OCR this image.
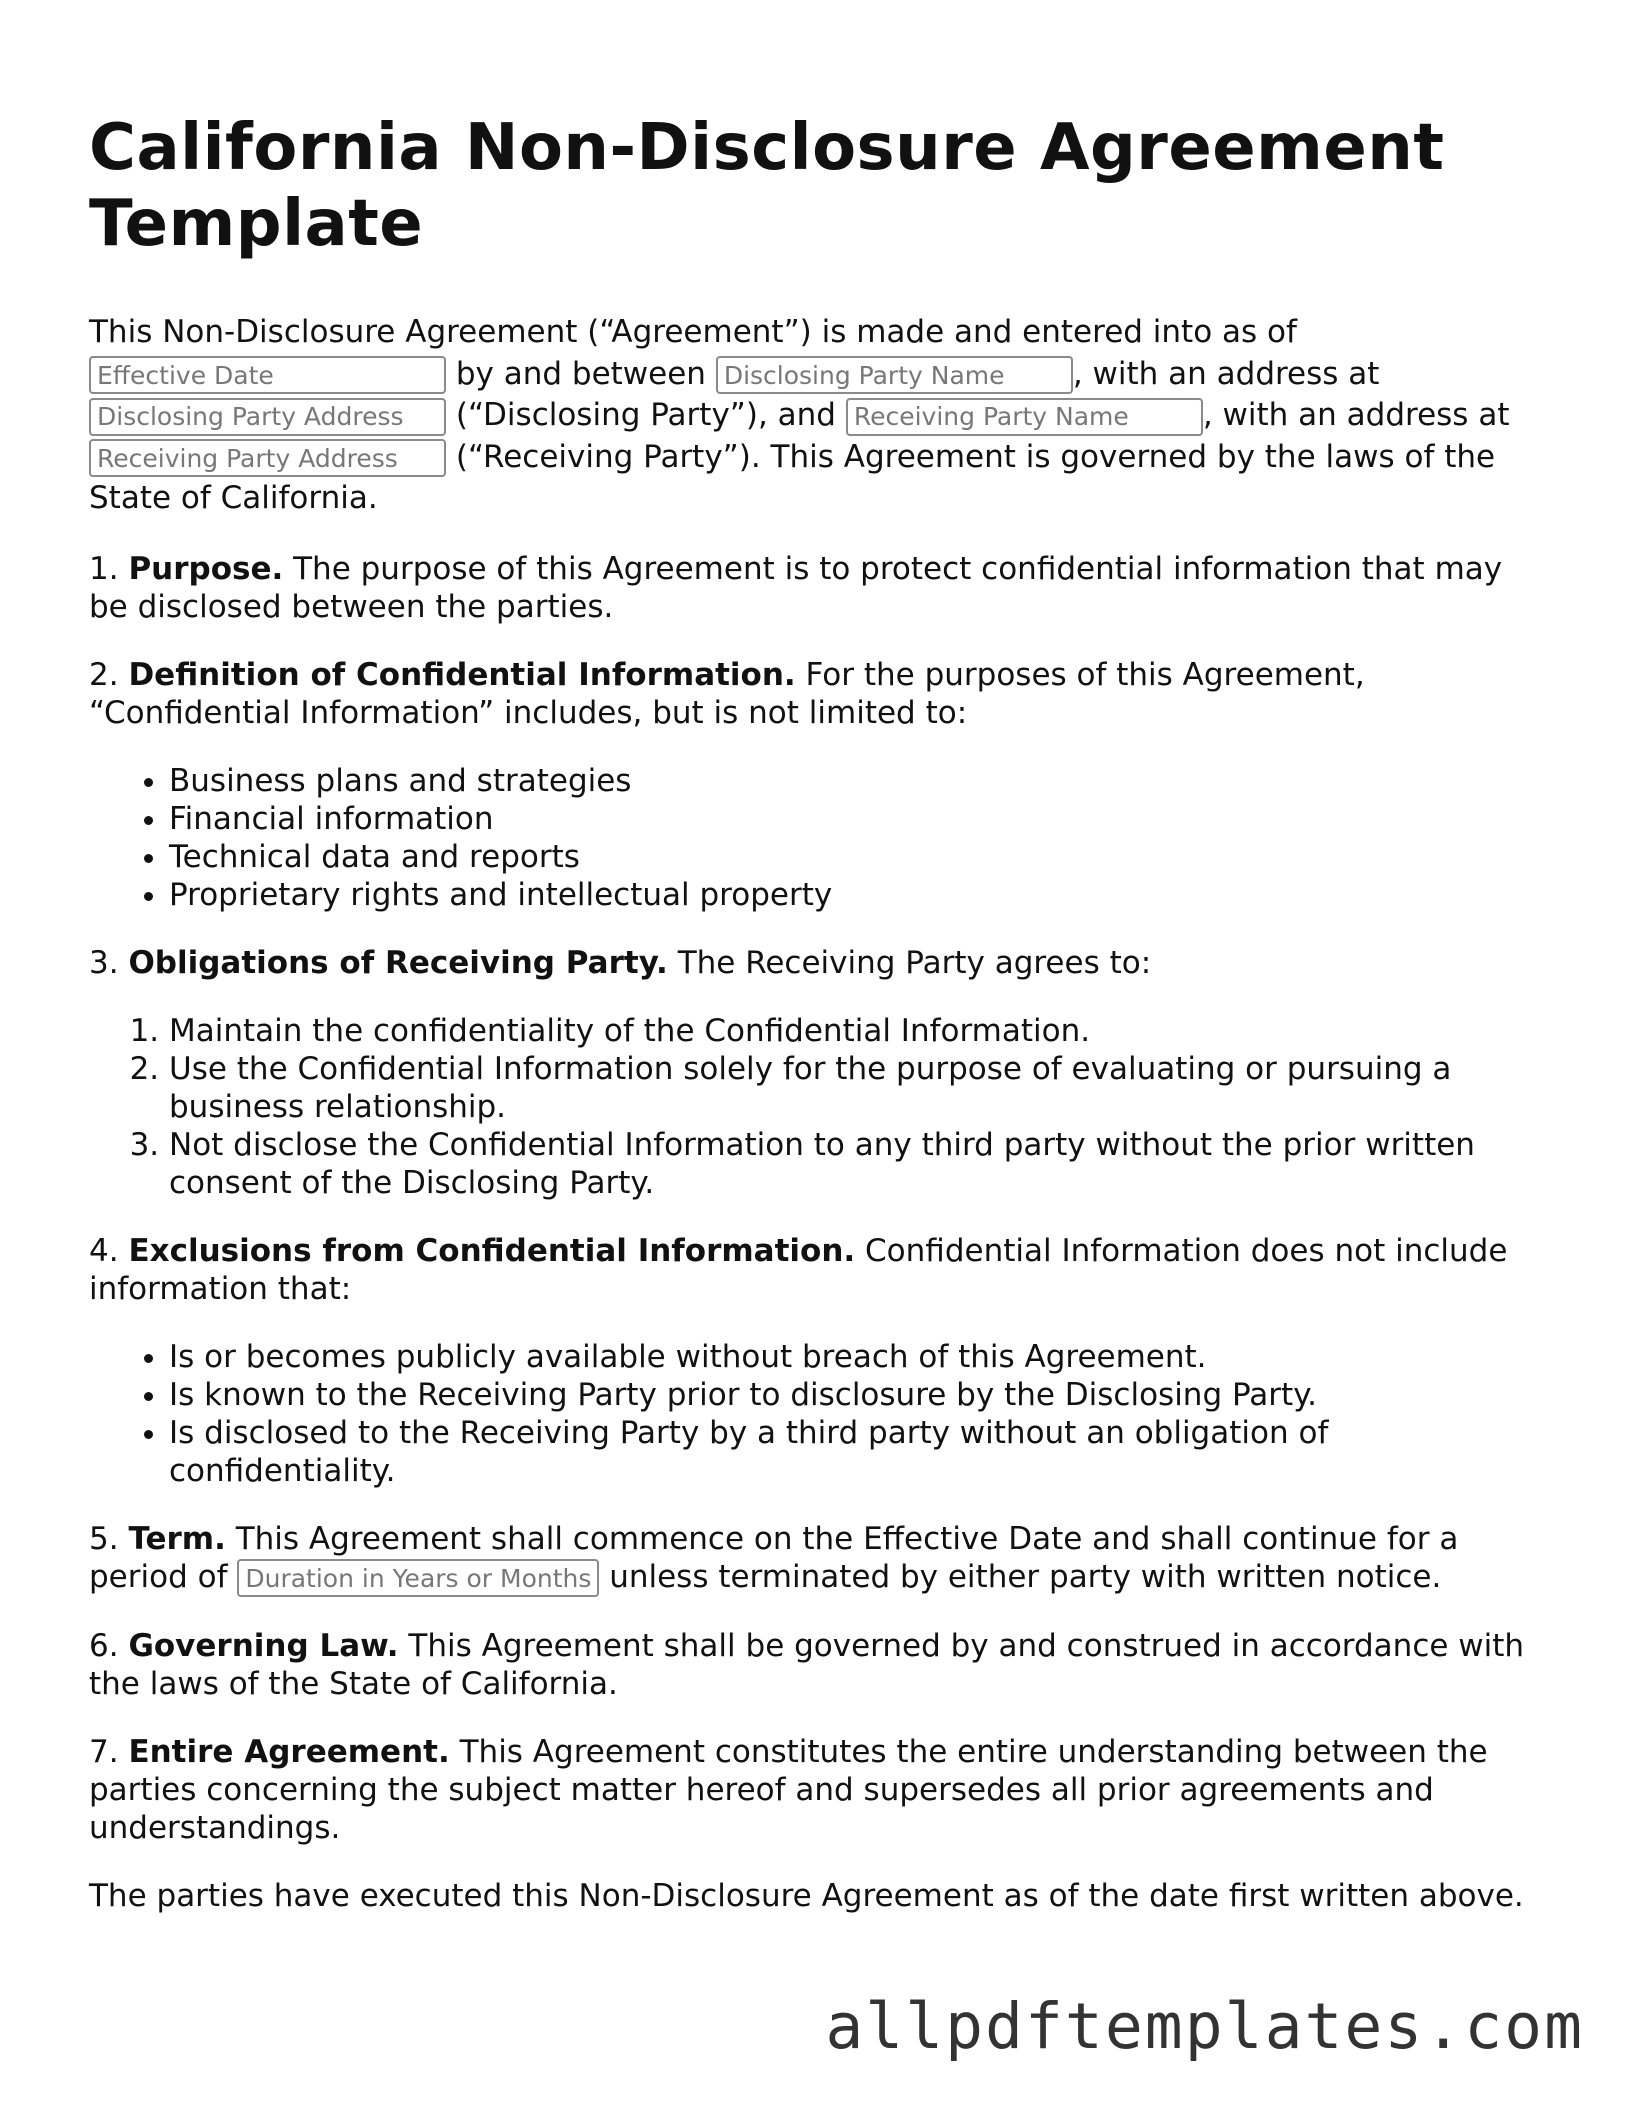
California Non-Disclosure Agreement Template

This Non-Disclosure Agreement (“Agreement”) is made and entered into as of
Effective Date by and between Disclosing Party Name	, with an address at
Disclosing Party Address (“Disclosing Party”), and Receiving Party Name	, with an address at
Receiving Party Address (“Receiving Party”). This Agreement is governed by the laws of the State of California.

1. Purpose. The purpose of this Agreement is to protect confidential information that may be disclosed between the parties.

2. Definition of Confidential Information. For the purposes of this Agreement, “Confidential Information” includes, but is not limited to:

• Business plans and strategies
• Financial information
• Technical data and reports
• Proprietary rights and intellectual property

3. Obligations of Receiving Party. The Receiving Party agrees to:

1. Maintain the confidentiality of the Confidential Information.
2. Use the Confidential Information solely for the purpose of evaluating or pursuing a business relationship.
3. Not disclose the Confidential Information to any third party without the prior written consent of the Disclosing Party.

4. Exclusions from Confidential Information. Confidential Information does not include information that:

• Is or becomes publicly available without breach of this Agreement.
• Is known to the Receiving Party prior to disclosure by the Disclosing Party.
• Is disclosed to the Receiving Party by a third party without an obligation of confidentiality.

5. Term. This Agreement shall commence on the Effective Date and shall continue for a period of Duration in Years or Months	unless terminated by either party with written notice.

6. Governing Law. This Agreement shall be governed by and construed in accordance with the laws of the State of California.

7. Entire Agreement. This Agreement constitutes the entire understanding between the parties concerning the subject matter hereof and supersedes all prior agreements and understandings.

The parties have executed this Non-Disclosure Agreement as of the date first written above.

allpdftemplates.com
